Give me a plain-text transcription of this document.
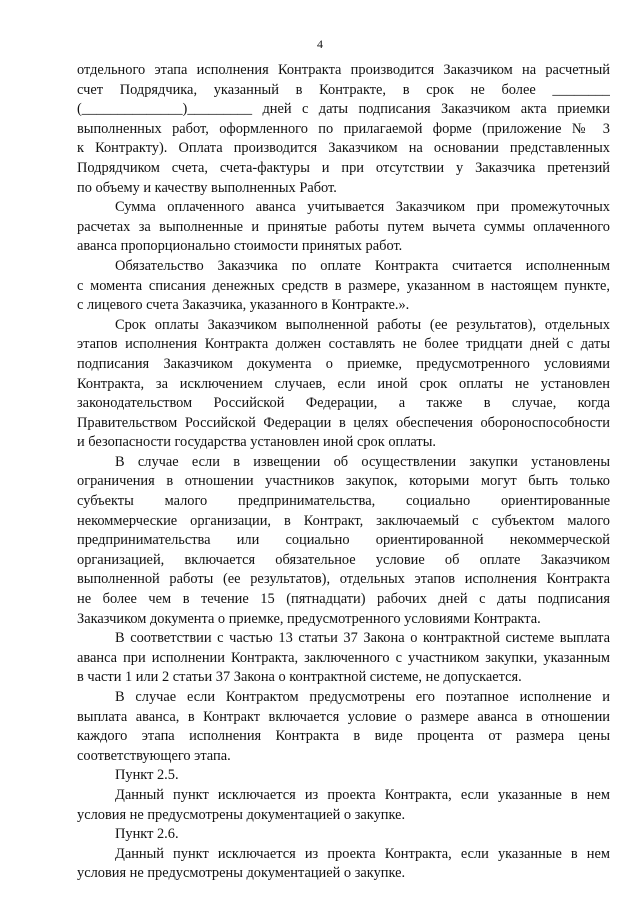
4
отдельного этапа исполнения Контракта производится Заказчиком на расчетный
счет Подрядчика, указанный в Контракте, в срок не более ________
(______________)_________ дней с даты подписания Заказчиком акта приемки
выполненных работ, оформленного по прилагаемой форме (приложение № 3
к Контракту). Оплата производится Заказчиком на основании представленных
Подрядчиком счета, счета-фактуры и при отсутствии у Заказчика претензий
по объему и качеству выполненных Работ.
Сумма оплаченного аванса учитывается Заказчиком при промежуточных
расчетах за выполненные и принятые работы путем вычета суммы оплаченного
аванса пропорционально стоимости принятых работ.
Обязательство Заказчика по оплате Контракта считается исполненным
с момента списания денежных средств в размере, указанном в настоящем пункте,
с лицевого счета Заказчика, указанного в Контракте.».
Срок оплаты Заказчиком выполненной работы (ее результатов), отдельных
этапов исполнения Контракта должен составлять не более тридцати дней с даты
подписания Заказчиком документа о приемке, предусмотренного условиями
Контракта, за исключением случаев, если иной срок оплаты не установлен
законодательством Российской Федерации, а также в случае, когда
Правительством Российской Федерации в целях обеспечения обороноспособности
и безопасности государства установлен иной срок оплаты.
В случае если в извещении об осуществлении закупки установлены
ограничения в отношении участников закупок, которыми могут быть только
субъекты малого предпринимательства, социально ориентированные
некоммерческие организации, в Контракт, заключаемый с субъектом малого
предпринимательства или социально ориентированной некоммерческой
организацией, включается обязательное условие об оплате Заказчиком
выполненной работы (ее результатов), отдельных этапов исполнения Контракта
не более чем в течение 15 (пятнадцати) рабочих дней с даты подписания
Заказчиком документа о приемке, предусмотренного условиями Контракта.
В соответствии с частью 13 статьи 37 Закона о контрактной системе выплата
аванса при исполнении Контракта, заключенного с участником закупки, указанным
в части 1 или 2 статьи 37 Закона о контрактной системе, не допускается.
В случае если Контрактом предусмотрены его поэтапное исполнение и
выплата аванса, в Контракт включается условие о размере аванса в отношении
каждого этапа исполнения Контракта в виде процента от размера цены
соответствующего этапа.
Пункт 2.5.
Данный пункт исключается из проекта Контракта, если указанные в нем
условия не предусмотрены документацией о закупке.
Пункт 2.6.
Данный пункт исключается из проекта Контракта, если указанные в нем
условия не предусмотрены документацией о закупке.
